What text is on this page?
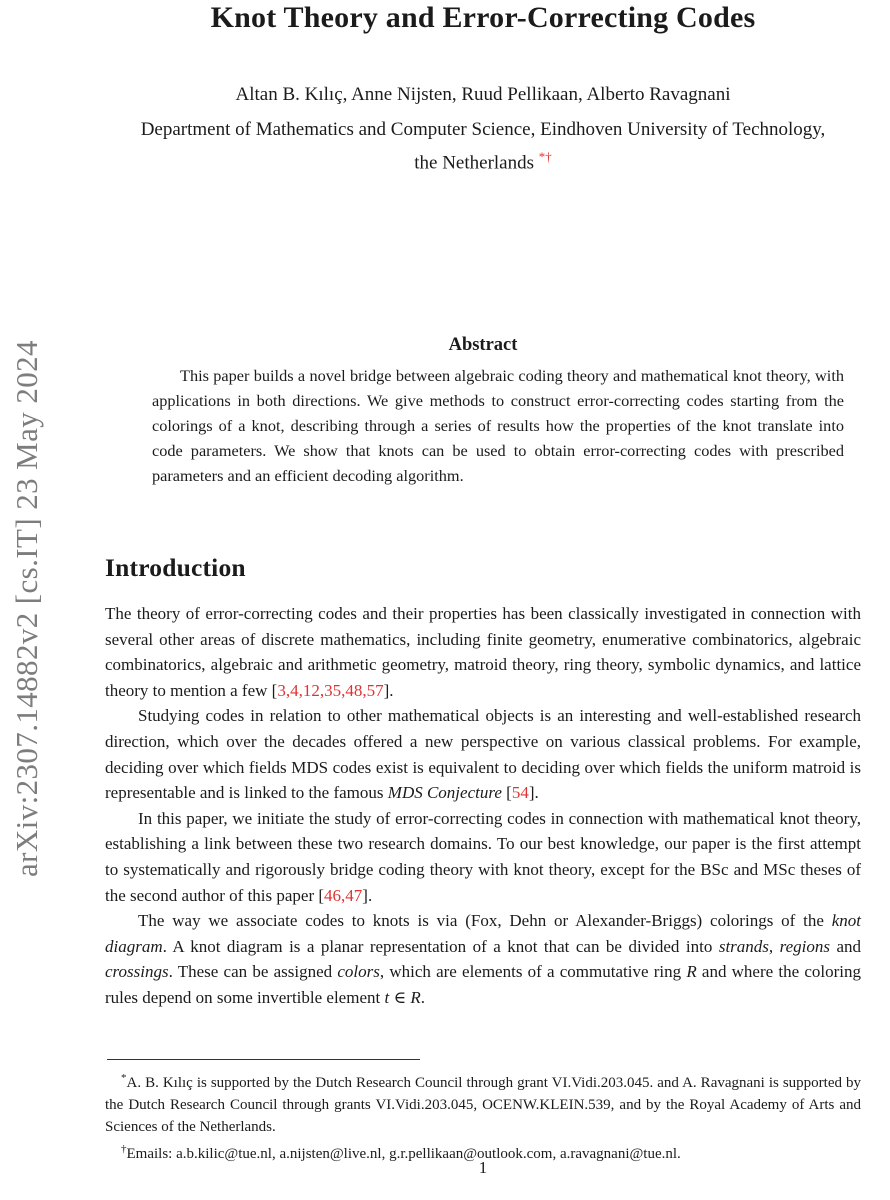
arXiv:2307.14882v2 [cs.IT] 23 May 2024
Knot Theory and Error-Correcting Codes
Altan B. Kılıç, Anne Nijsten, Ruud Pellikaan, Alberto Ravagnani
Department of Mathematics and Computer Science, Eindhoven University of Technology, the Netherlands *†
Abstract
This paper builds a novel bridge between algebraic coding theory and mathematical knot theory, with applications in both directions. We give methods to construct error-correcting codes starting from the colorings of a knot, describing through a series of results how the properties of the knot translate into code parameters. We show that knots can be used to obtain error-correcting codes with prescribed parameters and an efficient decoding algorithm.
Introduction

The theory of error-correcting codes and their properties has been classically investigated in connection with several other areas of discrete mathematics, including finite geometry, enumerative combinatorics, algebraic combinatorics, algebraic and arithmetic geometry, matroid theory, ring theory, symbolic dynamics, and lattice theory to mention a few [3,4,12,35,48,57].

Studying codes in relation to other mathematical objects is an interesting and well-established research direction, which over the decades offered a new perspective on various classical problems. For example, deciding over which fields MDS codes exist is equivalent to deciding over which fields the uniform matroid is representable and is linked to the famous MDS Conjecture [54].

In this paper, we initiate the study of error-correcting codes in connection with mathematical knot theory, establishing a link between these two research domains. To our best knowledge, our paper is the first attempt to systematically and rigorously bridge coding theory with knot theory, except for the BSc and MSc theses of the second author of this paper [46,47].

The way we associate codes to knots is via (Fox, Dehn or Alexander-Briggs) colorings of the knot diagram. A knot diagram is a planar representation of a knot that can be divided into strands, regions and crossings. These can be assigned colors, which are elements of a commutative ring R and where the coloring rules depend on some invertible element t ∈ R.

*A. B. Kılıç is supported by the Dutch Research Council through grant VI.Vidi.203.045. and A. Ravagnani is supported by the Dutch Research Council through grants VI.Vidi.203.045, OCENW.KLEIN.539, and by the Royal Academy of Arts and Sciences of the Netherlands.

†Emails: a.b.kilic@tue.nl, a.nijsten@live.nl, g.r.pellikaan@outlook.com, a.ravagnani@tue.nl.

1
